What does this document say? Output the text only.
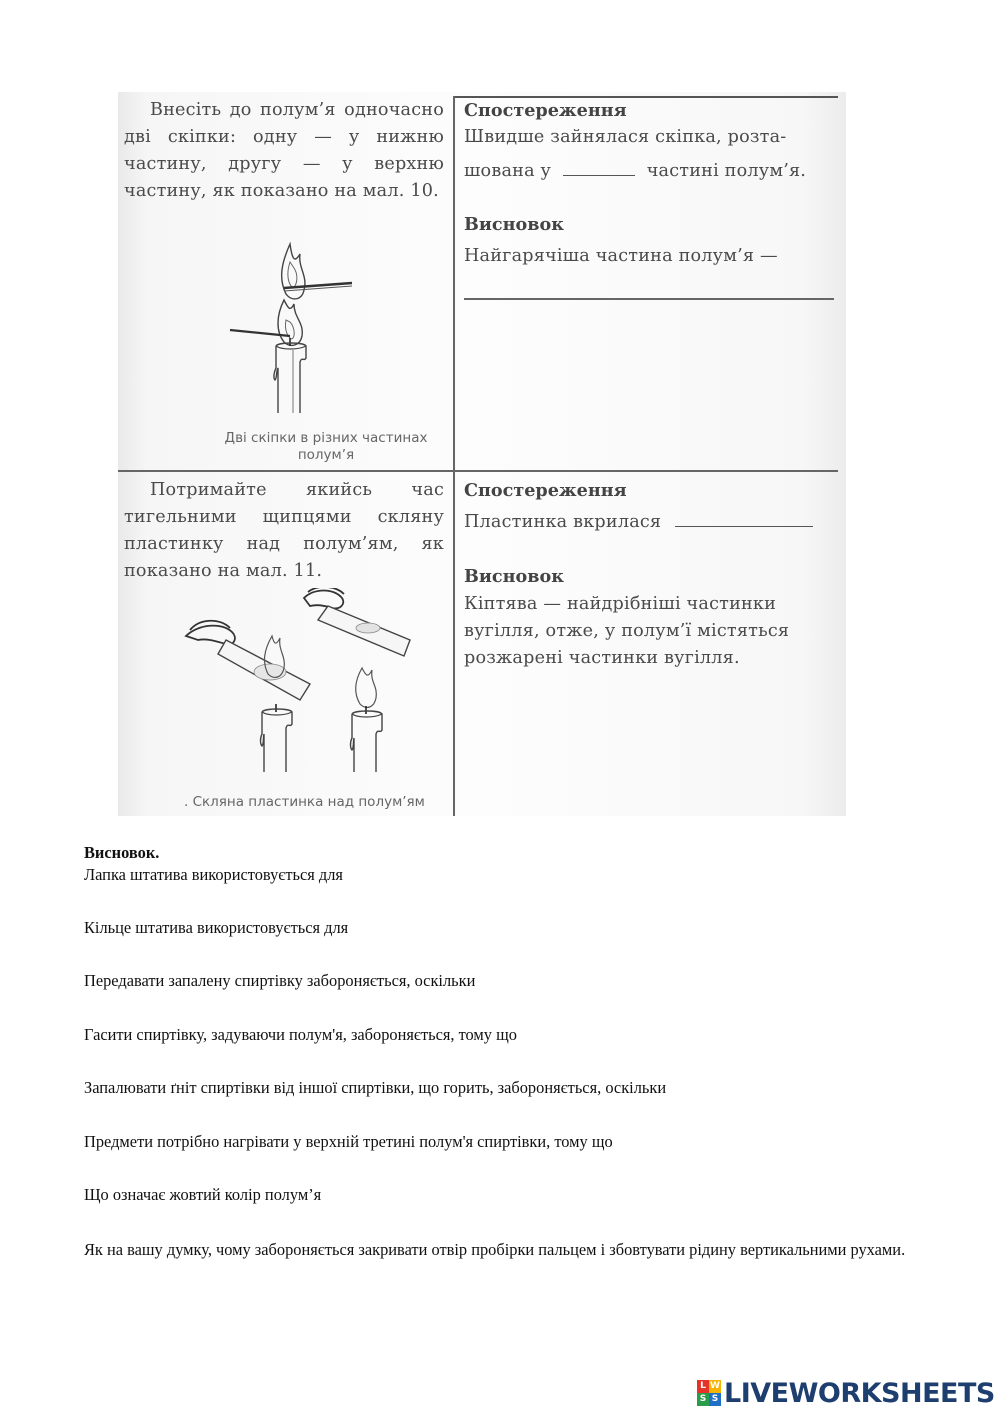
Внесіть до полум’я одночасно дві скіпки: одну — у нижню частину, другу — у верхню частину, як показано на мал. 10.
Дві скіпки в різних частинах
полум’я
Спостереження
Швидше зайнялася скіпка, розта-
шована у	частині полум’я.
Висновок
Найгарячіша частина полум’я —
Потримайте якийсь час тигельними щипцями скляну пластинку над полум’ям, як показано на мал. 11.
. Скляна пластинка над полум’ям
Спостереження
Пластинка вкрилася
Висновок
Кіптява — найдрібніші частинки
вугілля, отже, у полум’ї містяться
розжарені частинки вугілля.
Висновок.
Лапка штатива використовується для
Кільце штатива використовується для
Передавати запалену спиртівку забороняється, оскільки
Гасити спиртівку, задуваючи полум'я, забороняється, тому що
Запалювати ґніт спиртівки від іншої спиртівки, що горить, забороняється, оскільки
Предмети потрібно нагрівати у верхній третині полум'я спиртівки, тому що
Що означає жовтий колір полум’я
Як на вашу думку, чому забороняється закривати отвір пробірки пальцем і збовтувати рідину вертикальними рухами.
L W
S S LIVEWORKSHEETS
